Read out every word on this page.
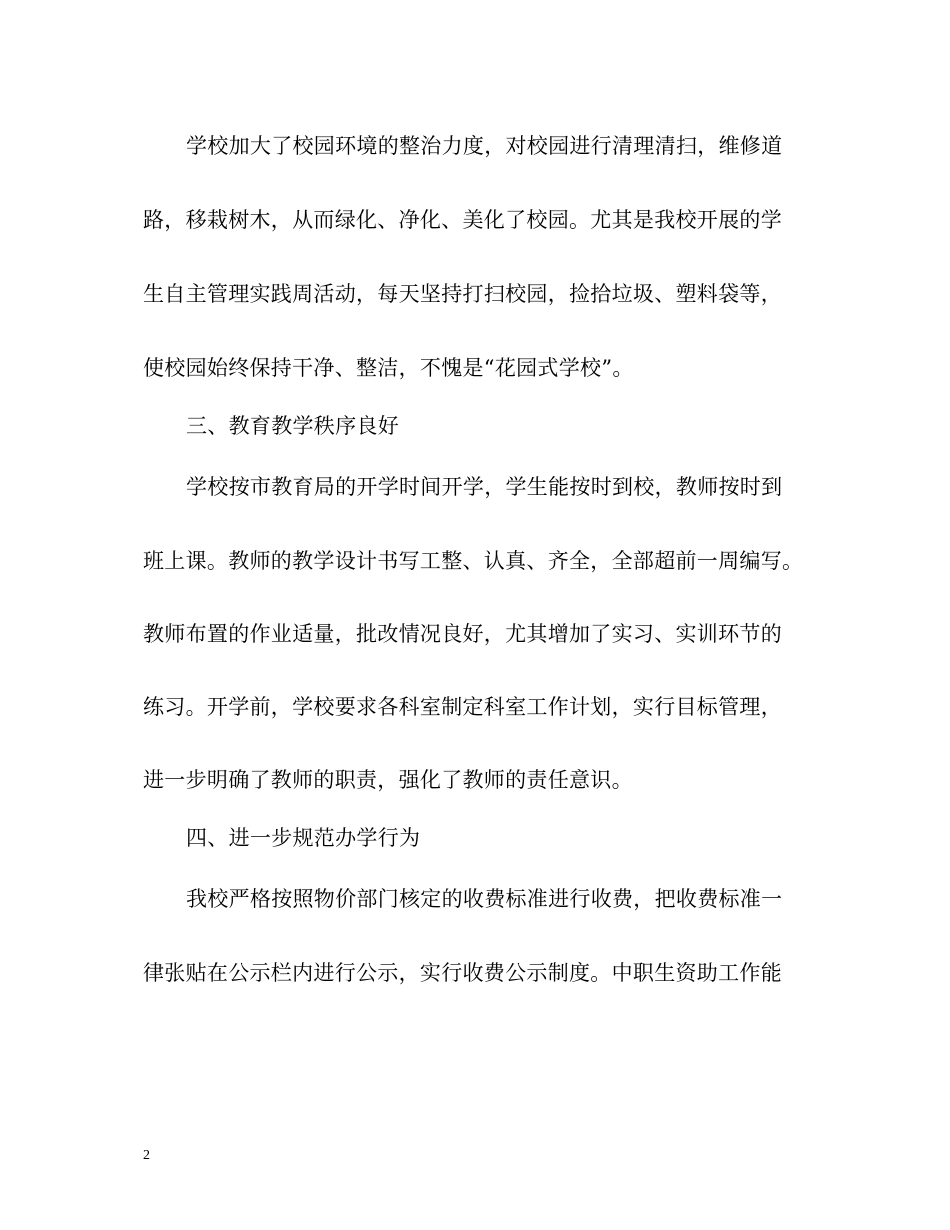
学校加大了校园环境的整治力度，对校园进行清理清扫，维修道
路，移栽树木，从而绿化、净化、美化了校园。尤其是我校开展的学
生自主管理实践周活动，每天坚持打扫校园，捡拾垃圾、塑料袋等，
使校园始终保持干净、整洁，不愧是“花园式学校”。
三、教育教学秩序良好
学校按市教育局的开学时间开学，学生能按时到校，教师按时到
班上课。教师的教学设计书写工整、认真、齐全，全部超前一周编写。
教师布置的作业适量，批改情况良好，尤其增加了实习、实训环节的
练习。开学前，学校要求各科室制定科室工作计划，实行目标管理，
进一步明确了教师的职责，强化了教师的责任意识。
四、进一步规范办学行为
我校严格按照物价部门核定的收费标准进行收费，把收费标准一
律张贴在公示栏内进行公示，实行收费公示制度。中职生资助工作能
2
